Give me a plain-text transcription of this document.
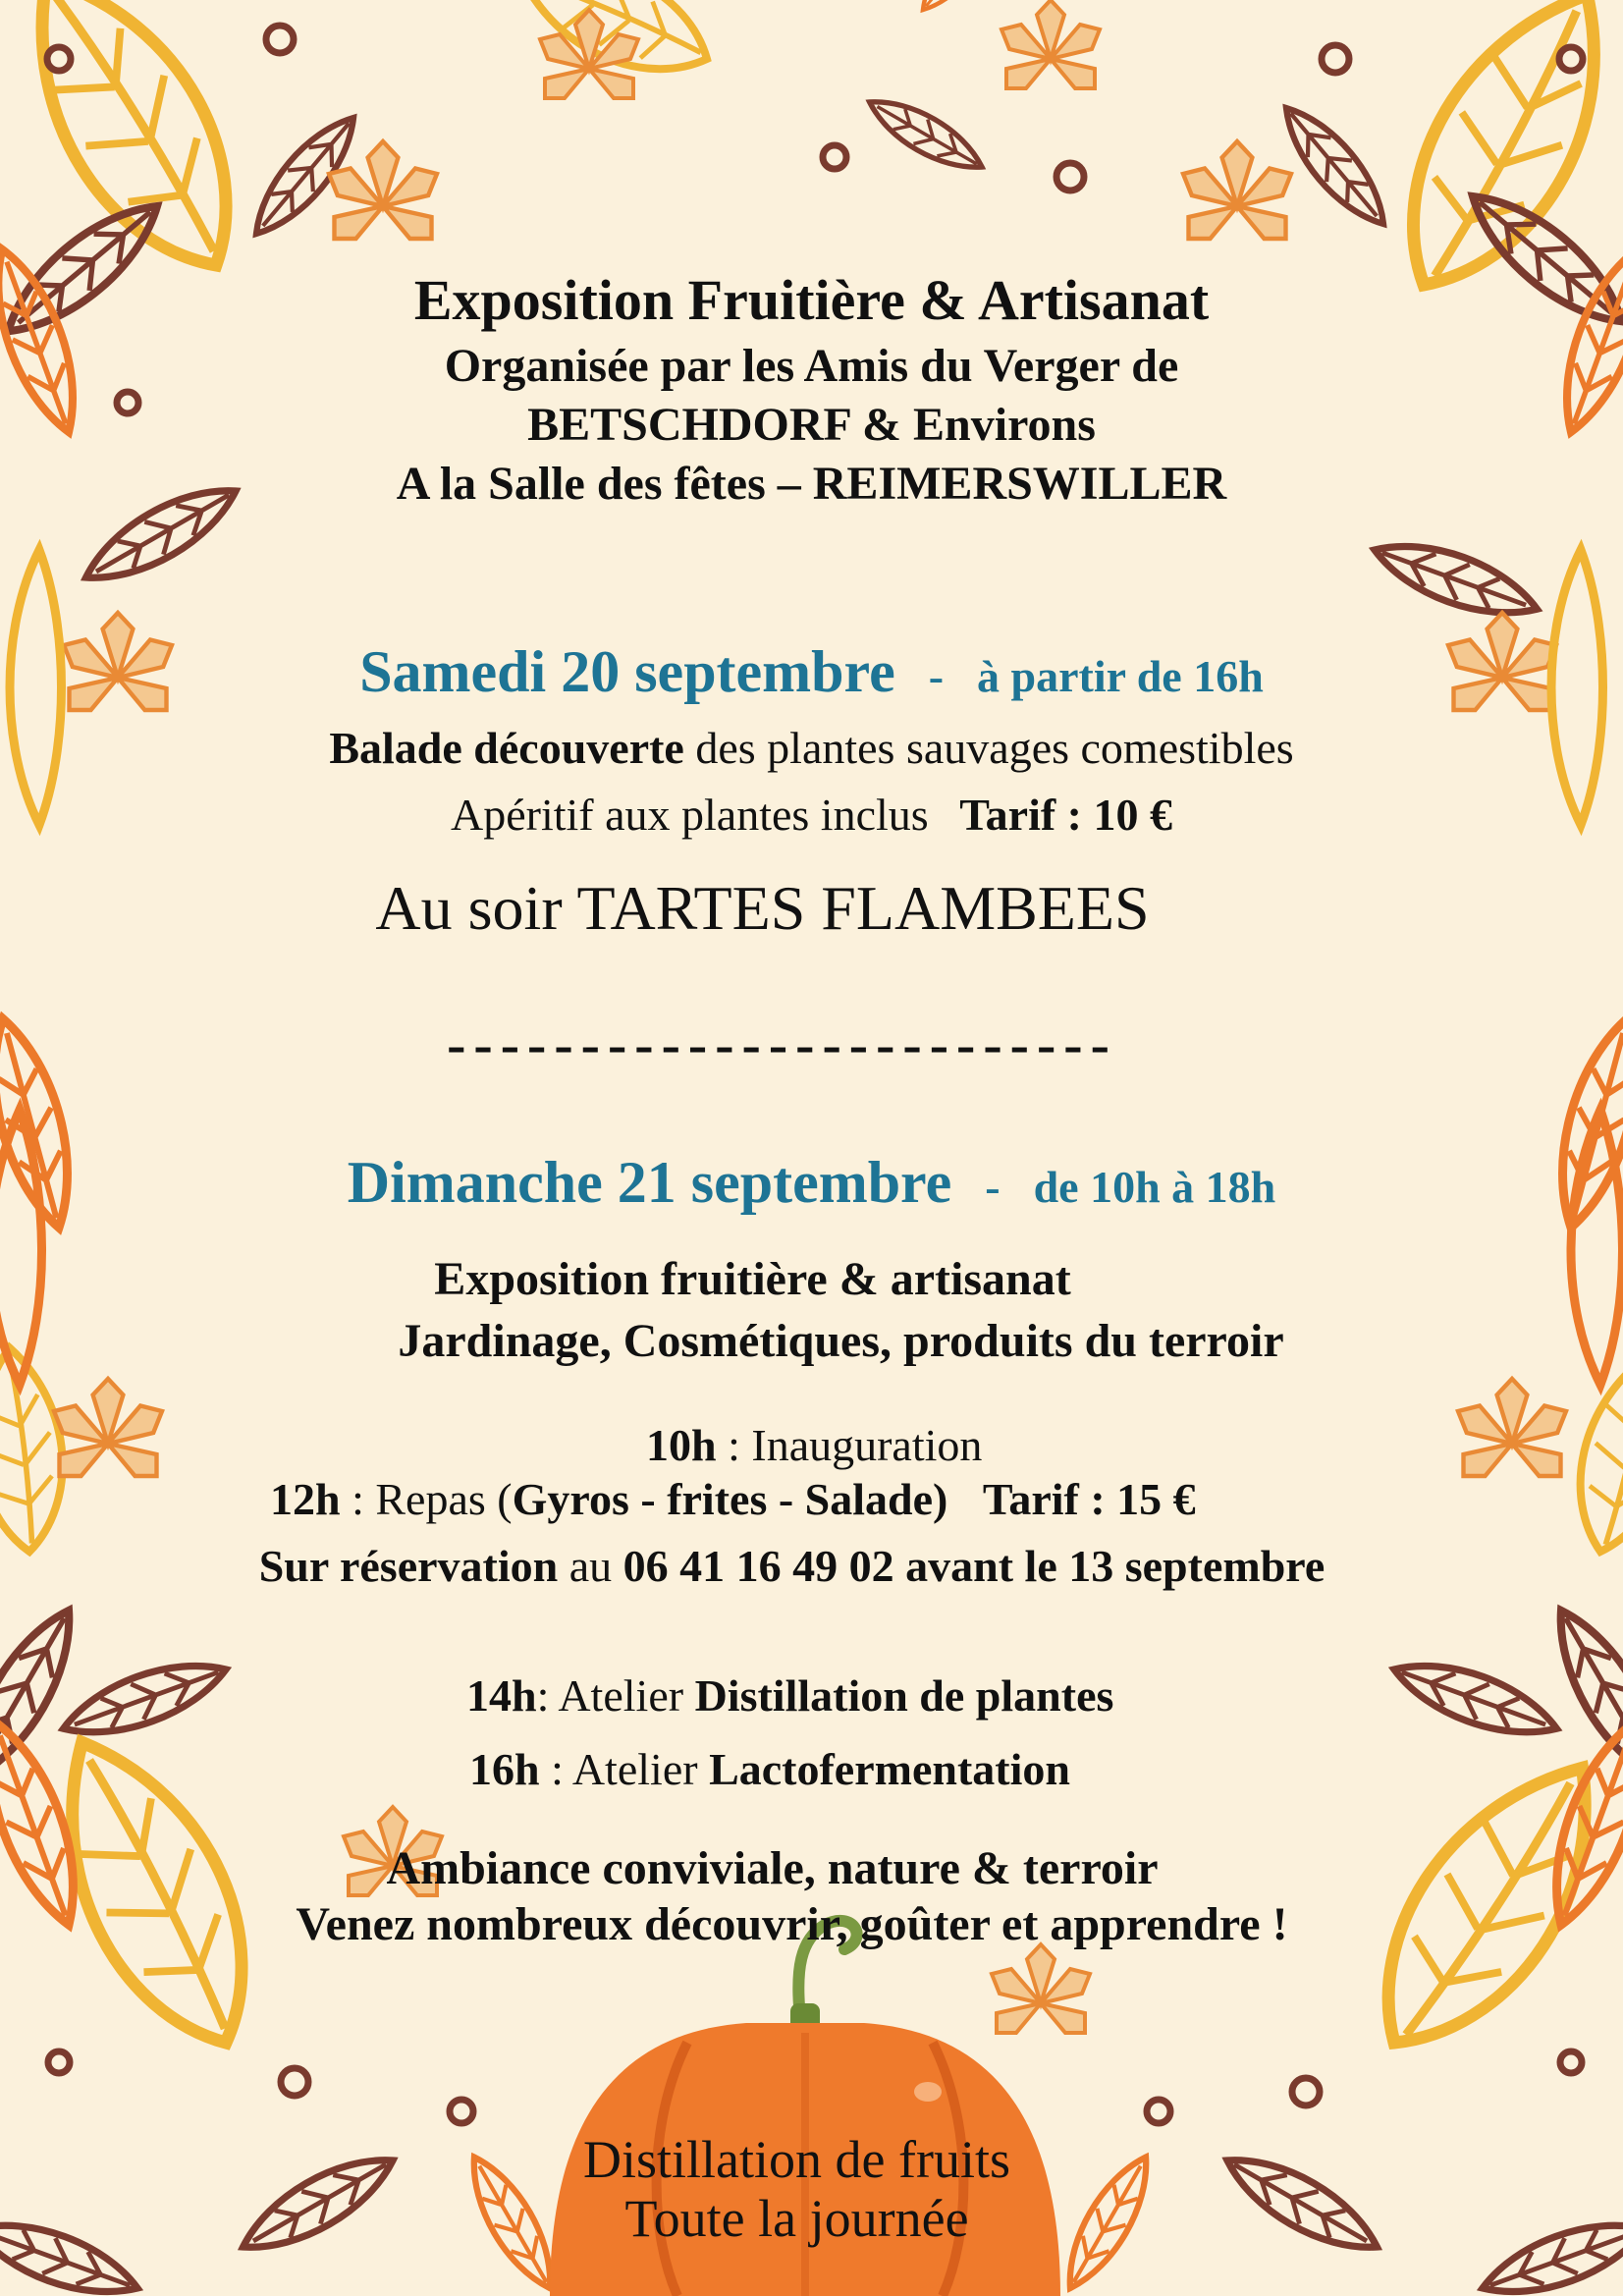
Exposition Fruitière & Artisanat
Organisée par les Amis du Verger de
BETSCHDORF & Environs
A la Salle des fêtes – REIMERSWILLER
Samedi 20 septembre - à partir de 16h
Balade découverte des plantes sauvages comestibles
Apéritif aux plantes inclus Tarif : 10 €
Au soir TARTES FLAMBEES
-------------------------
Dimanche 21 septembre - de 10h à 18h
Exposition fruitière & artisanat
Jardinage, Cosmétiques, produits du terroir
10h : Inauguration
12h : Repas (Gyros - frites - Salade) Tarif : 15 €
Sur réservation au 06 41 16 49 02 avant le 13 septembre
14h: Atelier Distillation de plantes
16h : Atelier Lactofermentation
Ambiance conviviale, nature & terroir
Venez nombreux découvrir, goûter et apprendre !
Distillation de fruits
Toute la journée
